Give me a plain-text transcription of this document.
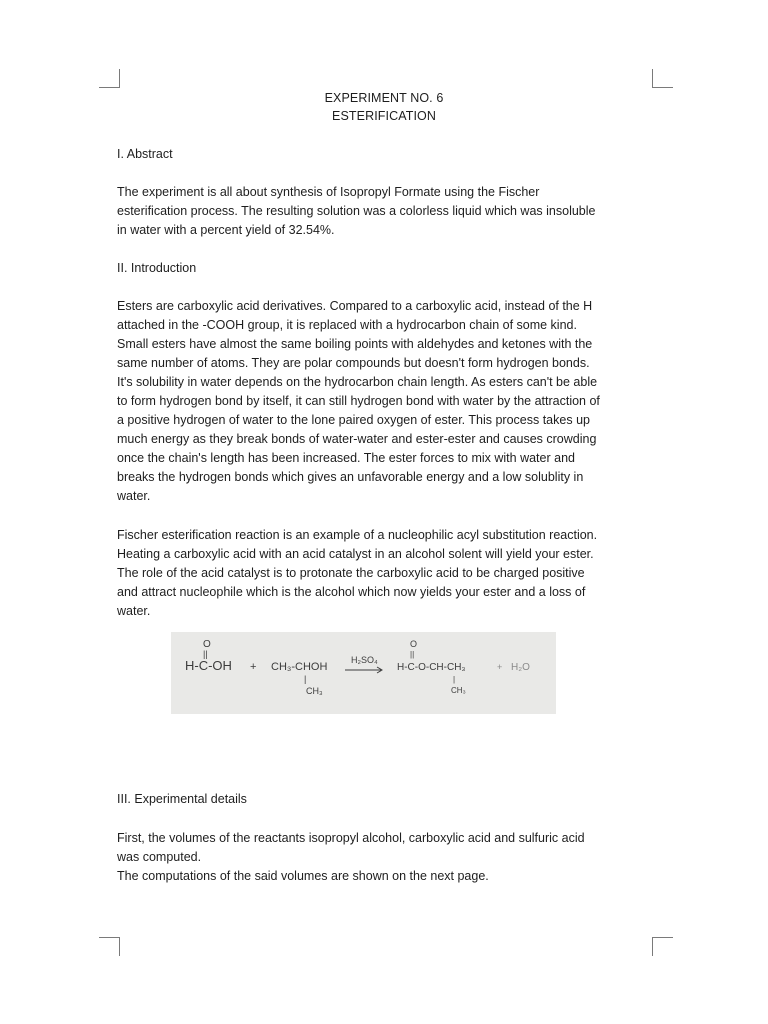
EXPERIMENT NO. 6
ESTERIFICATION
I. Abstract
The experiment is all about synthesis of Isopropyl Formate using the Fischer
esterification process. The resulting solution was a colorless liquid which was insoluble
in water with a percent yield of 32.54%.
II. Introduction
Esters are carboxylic acid derivatives. Compared to a carboxylic acid, instead of the H
attached in the -COOH group, it is replaced with a hydrocarbon chain of some kind.
Small esters have almost the same boiling points with aldehydes and ketones with the
same number of atoms. They are polar compounds but doesn't form hydrogen bonds.
It's solubility in water depends on the hydrocarbon chain length. As esters can't be able
to form hydrogen bond by itself, it can still hydrogen bond with water by the attraction of
a positive hydrogen of water to the lone paired oxygen of ester. This process takes up
much energy as they break bonds of water-water and ester-ester and causes crowding
once the chain's length has been increased. The ester forces to mix with water and
breaks the hydrogen bonds which gives an unfavorable energy and a low solublity in
water.
Fischer esterification reaction is an example of a nucleophilic acyl substitution reaction.
Heating a carboxylic acid with an acid catalyst in an alcohol solent will yield your ester.
The role of the acid catalyst is to protonate the carboxylic acid to be charged positive
and attract nucleophile which is the alcohol which now yields your ester and a loss of
water.
O
||
H-C-OH + CH₃-CHOH
|
CH₃
H₂SO₄
O
||
H-C-O-CH-CH₃
|
CH₃
+ H₂O
III. Experimental details
First, the volumes of the reactants isopropyl alcohol, carboxylic acid and sulfuric acid
was computed.
The computations of the said volumes are shown on the next page.
